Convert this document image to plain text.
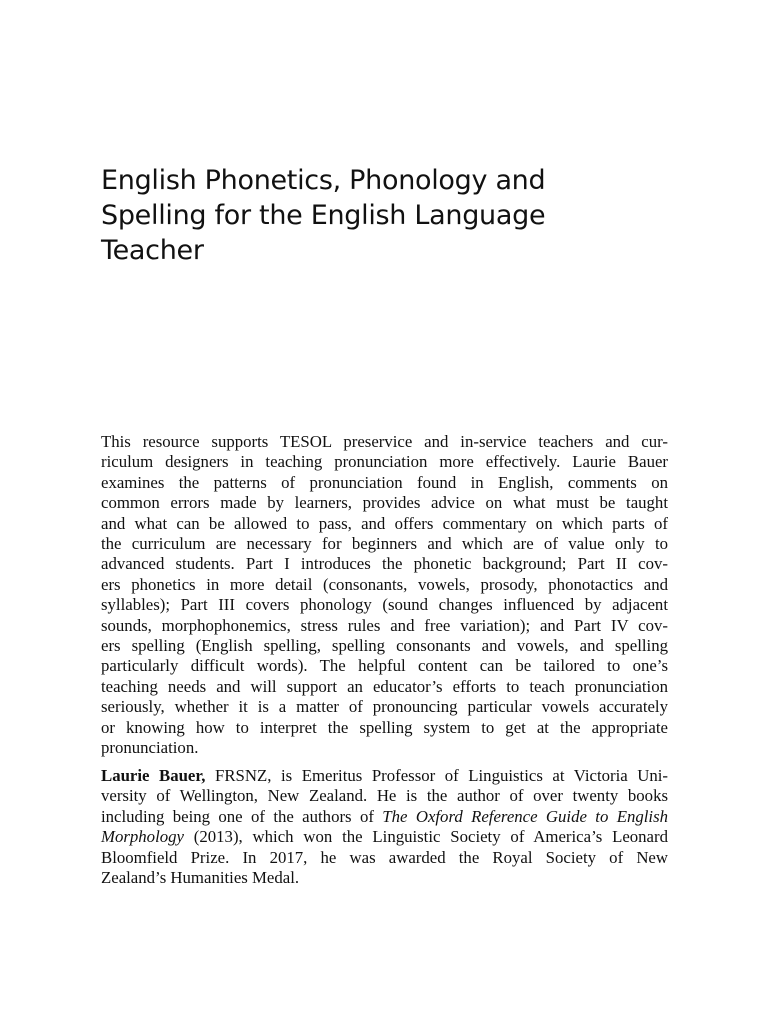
English Phonetics, Phonology and
Spelling for the English Language
Teacher
This resource supports TESOL preservice and in-service teachers and cur-
riculum designers in teaching pronunciation more effectively. Laurie Bauer
examines the patterns of pronunciation found in English, comments on
common errors made by learners, provides advice on what must be taught
and what can be allowed to pass, and offers commentary on which parts of
the curriculum are necessary for beginners and which are of value only to
advanced students. Part I introduces the phonetic background; Part II cov-
ers phonetics in more detail (consonants, vowels, prosody, phonotactics and
syllables); Part III covers phonology (sound changes influenced by adjacent
sounds, morphophonemics, stress rules and free variation); and Part IV cov-
ers spelling (English spelling, spelling consonants and vowels, and spelling
particularly difficult words). The helpful content can be tailored to one’s
teaching needs and will support an educator’s efforts to teach pronunciation
seriously, whether it is a matter of pronouncing particular vowels accurately
or knowing how to interpret the spelling system to get at the appropriate
pronunciation.
Laurie Bauer, FRSNZ, is Emeritus Professor of Linguistics at Victoria Uni-
versity of Wellington, New Zealand. He is the author of over twenty books
including being one of the authors of The Oxford Reference Guide to English
Morphology (2013), which won the Linguistic Society of America’s Leonard
Bloomfield Prize. In 2017, he was awarded the Royal Society of New
Zealand’s Humanities Medal.
